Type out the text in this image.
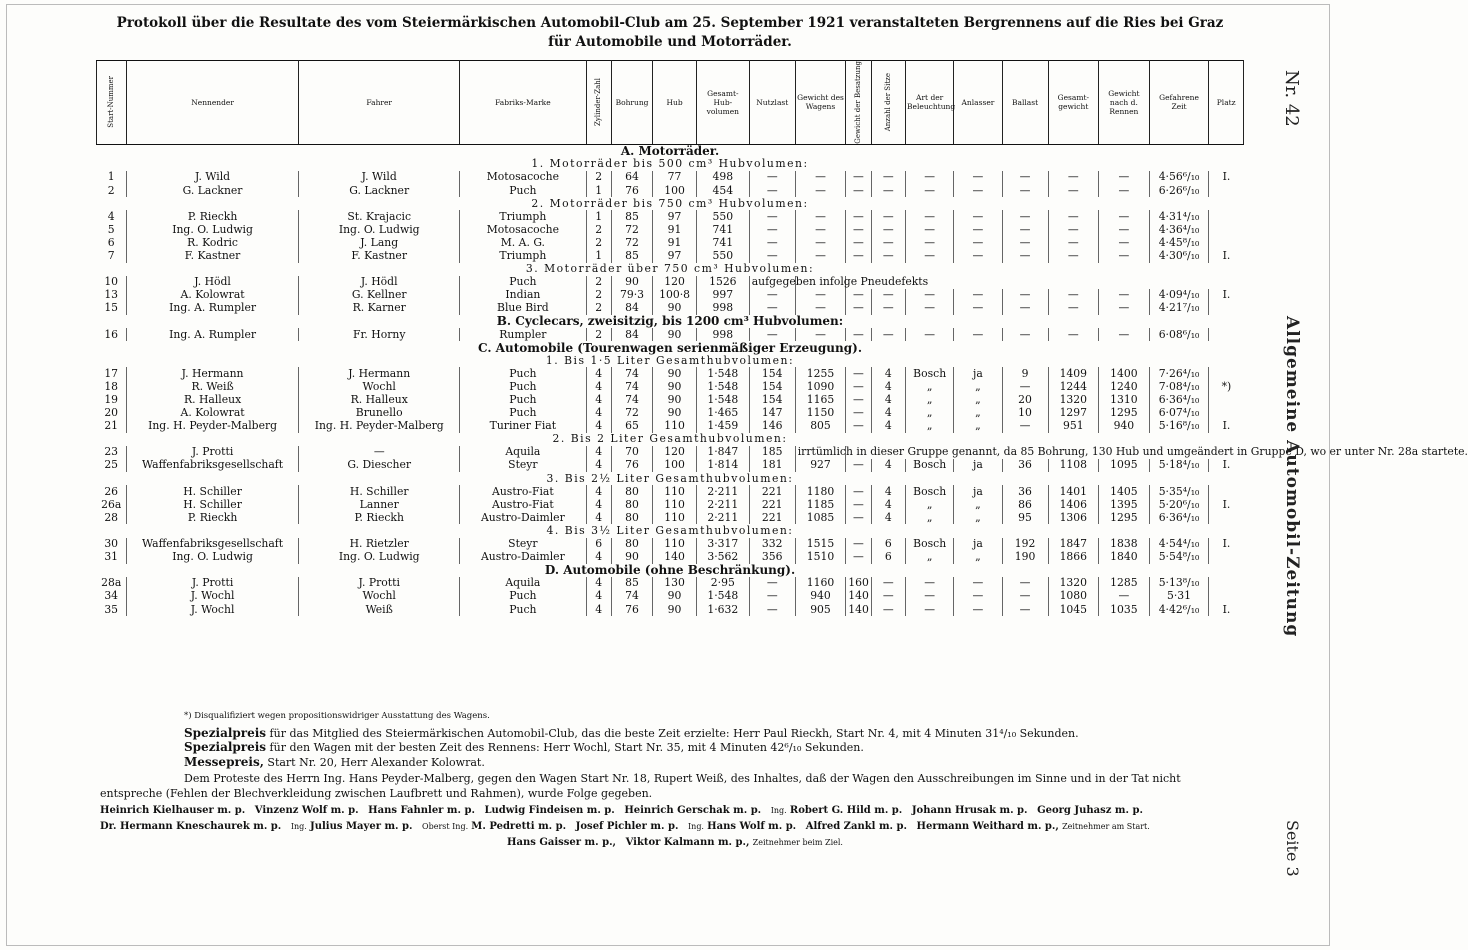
Protokoll über die Resultate des vom Steiermärkischen Automobil-Club am 25. September 1921 veranstalteten Bergrennens auf die Ries bei Graz
für Automobile und Motorräder.
Start-Nummer	Nennender	Fahrer	Fabriks-Marke	Zylinder-Zahl	Bohrung	Hub	Gesamt-Hub-volumen	Nutzlast	Gewicht des Wagens	Gewicht der Besatzung	Anzahl der Sitze	Art der Beleuchtung	Anlasser	Ballast	Gesamt-gewicht	Gewicht nach d. Rennen	Gefahrene Zeit	Platz
A. Motorräder.																		
1. Motorräder bis 500 cm³ Hubvolumen:																		
1	J. Wild	J. Wild	Motosacoche	2	64	77	498	—	—	—	—	—	—	—	—	—	4·56⁶/₁₀	I.
2	G. Lackner	G. Lackner	Puch	1	76	100	454	—	—	—	—	—	—	—	—	—	6·26⁶/₁₀	
2. Motorräder bis 750 cm³ Hubvolumen:																		
4	P. Rieckh	St. Krajacic	Triumph	1	85	97	550	—	—	—	—	—	—	—	—	—	4·31⁴/₁₀	
5	Ing. O. Ludwig	Ing. O. Ludwig	Motosacoche	2	72	91	741	—	—	—	—	—	—	—	—	—	4·36⁴/₁₀	
6	R. Kodric	J. Lang	M. A. G.	2	72	91	741	—	—	—	—	—	—	—	—	—	4·45⁸/₁₀	
7	F. Kastner	F. Kastner	Triumph	1	85	97	550	—	—	—	—	—	—	—	—	—	4·30⁶/₁₀	I.
3. Motorräder über 750 cm³ Hubvolumen:																		
10	J. Hödl	J. Hödl	Puch	2	90	120	1526	aufgegeben infolge Pneudefekts										
13	A. Kolowrat	G. Kellner	Indian	2	79·3	100·8	997	—	—	—	—	—	—	—	—	—	4·09⁴/₁₀	I.
15	Ing. A. Rumpler	R. Karner	Blue Bird	2	84	90	998	—	—	—	—	—	—	—	—	—	4·21⁷/₁₀	
B. Cyclecars, zweisitzig, bis 1200 cm³ Hubvolumen:																		
16	Ing. A. Rumpler	Fr. Horny	Rumpler	2	84	90	998	—	—	—	—	—	—	—	—	—	6·08⁶/₁₀	
C. Automobile (Tourenwagen serienmäßiger Erzeugung).																		
1. Bis 1·5 Liter Gesamthubvolumen:																		
17	J. Hermann	J. Hermann	Puch	4	74	90	1·548	154	1255	—	4	Bosch	ja	9	1409	1400	7·26⁴/₁₀	
18	R. Weiß	Wochl	Puch	4	74	90	1·548	154	1090	—	4	„	„	—	1244	1240	7·08⁴/₁₀	*)
19	R. Halleux	R. Halleux	Puch	4	74	90	1·548	154	1165	—	4	„	„	20	1320	1310	6·36⁴/₁₀	
20	A. Kolowrat	Brunello	Puch	4	72	90	1·465	147	1150	—	4	„	„	10	1297	1295	6·07⁴/₁₀	
21	Ing. H. Peyder-Malberg	Ing. H. Peyder-Malberg	Turiner Fiat	4	65	110	1·459	146	805	—	4	„	„	—	951	940	5·16⁸/₁₀	I.
2. Bis 2 Liter Gesamthubvolumen:																		
23	J. Protti	—	Aquila	4	70	120	1·847	185	irrtümlich in dieser Gruppe genannt, da 85 Bohrung, 130 Hub und umgeändert in Gruppe D, wo er unter Nr. 28a startete.									
25	Waffenfabriksgesellschaft	G. Diescher	Steyr	4	76	100	1·814	181	927	—	4	Bosch	ja	36	1108	1095	5·18⁴/₁₀	I.
3. Bis 2½ Liter Gesamthubvolumen:																		
26	H. Schiller	H. Schiller	Austro-Fiat	4	80	110	2·211	221	1180	—	4	Bosch	ja	36	1401	1405	5·35⁴/₁₀	
26a	H. Schiller	Lanner	Austro-Fiat	4	80	110	2·211	221	1185	—	4	„	„	86	1406	1395	5·20⁶/₁₀	I.
28	P. Rieckh	P. Rieckh	Austro-Daimler	4	80	110	2·211	221	1085	—	4	„	„	95	1306	1295	6·36⁴/₁₀	
4. Bis 3½ Liter Gesamthubvolumen:																		
30	Waffenfabriksgesellschaft	H. Rietzler	Steyr	6	80	110	3·317	332	1515	—	6	Bosch	ja	192	1847	1838	4·54⁴/₁₀	I.
31	Ing. O. Ludwig	Ing. O. Ludwig	Austro-Daimler	4	90	140	3·562	356	1510	—	6	„	„	190	1866	1840	5·54⁸/₁₀	
D. Automobile (ohne Beschränkung).																		
28a	J. Protti	J. Protti	Aquila	4	85	130	2·95	—	1160	160	—	—	—	—	1320	1285	5·13⁸/₁₀	
34	J. Wochl	Wochl	Puch	4	74	90	1·548	—	940	140	—	—	—	—	1080	—	5·31	
35	J. Wochl	Weiß	Puch	4	76	90	1·632	—	905	140	—	—	—	—	1045	1035	4·42⁶/₁₀	I.
*) Disqualifiziert wegen propositionswidriger Ausstattung des Wagens.
Spezialpreis für das Mitglied des Steiermärkischen Automobil-Club, das die beste Zeit erzielte: Herr Paul Rieckh, Start Nr. 4, mit 4 Minuten 31⁴/₁₀ Sekunden.
Spezialpreis für den Wagen mit der besten Zeit des Rennens: Herr Wochl, Start Nr. 35, mit 4 Minuten 42⁶/₁₀ Sekunden.
Messepreis, Start Nr. 20, Herr Alexander Kolowrat.
Dem Proteste des Herrn Ing. Hans Peyder-Malberg, gegen den Wagen Start Nr. 18, Rupert Weiß, des Inhaltes, daß der Wagen den Ausschreibungen im Sinne und in der Tat nicht entspreche (Fehlen der Blechverkleidung zwischen Laufbrett und Rahmen), wurde Folge gegeben.
Heinrich Kielhauser m. p. Vinzenz Wolf m. p. Hans Fahnler m. p. Ludwig Findeisen m. p. Heinrich Gerschak m. p. Ing. Robert G. Hild m. p. Johann Hrusak m. p. Georg Juhasz m. p.
Dr. Hermann Kneschaurek m. p. Ing. Julius Mayer m. p. Oberst Ing. M. Pedretti m. p. Josef Pichler m. p. Ing. Hans Wolf m. p. Alfred Zankl m. p. Hermann Weithard m. p., Zeitnehmer am Start.
Hans Gaisser m. p., Viktor Kalmann m. p., Zeitnehmer beim Ziel.
Nr. 42
Allgemeine Automobil-Zeitung
Seite 3
